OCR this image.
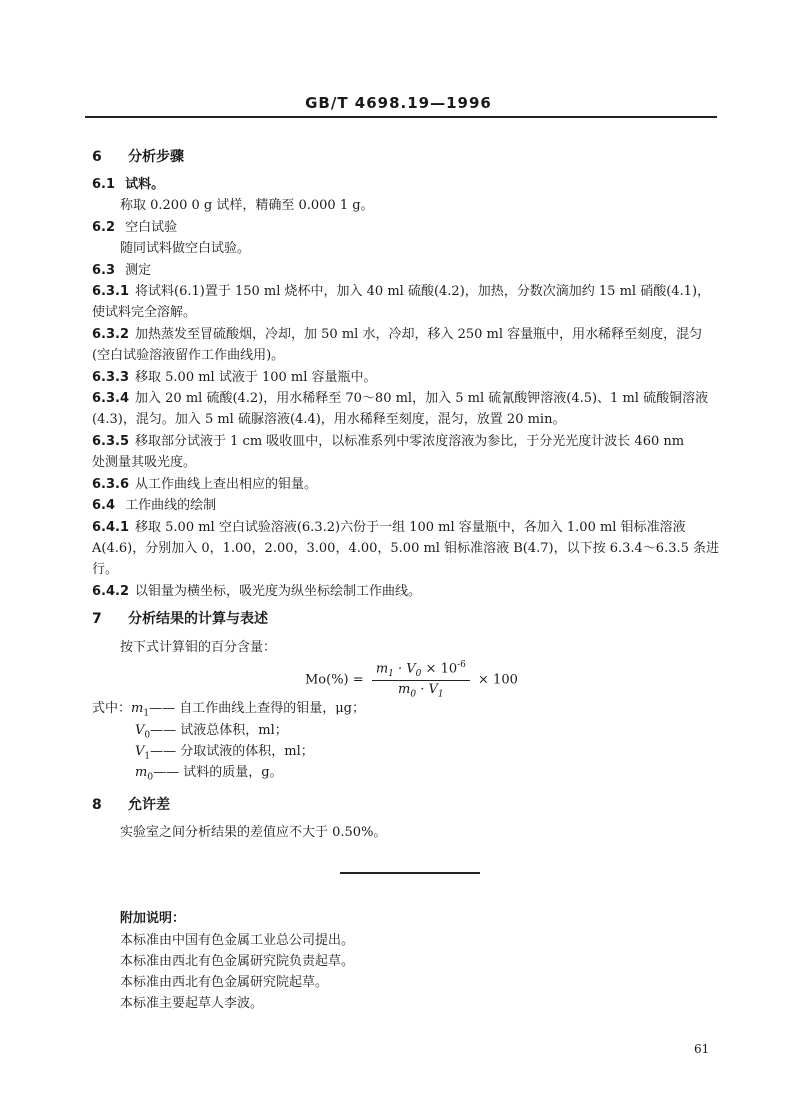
GB/T 4698.19—1996
6 分析步骤
6.1 试料。
称取 0.200 0 g 试样，精确至 0.000 1 g。
6.2 空白试验
随同试料做空白试验。
6.3 测定
6.3.1 将试料(6.1)置于 150 ml 烧杯中，加入 40 ml 硫酸(4.2)，加热，分数次滴加约 15 ml 硝酸(4.1)，
使试料完全溶解。
6.3.2 加热蒸发至冒硫酸烟，冷却，加 50 ml 水，冷却，移入 250 ml 容量瓶中，用水稀释至刻度，混匀
(空白试验溶液留作工作曲线用)。
6.3.3 移取 5.00 ml 试液于 100 ml 容量瓶中。
6.3.4 加入 20 ml 硫酸(4.2)，用水稀释至 70～80 ml，加入 5 ml 硫氰酸钾溶液(4.5)、1 ml 硫酸铜溶液
(4.3)，混匀。加入 5 ml 硫脲溶液(4.4)，用水稀释至刻度，混匀，放置 20 min。
6.3.5 移取部分试液于 1 cm 吸收皿中，以标准系列中零浓度溶液为参比，于分光光度计波长 460 nm
处测量其吸光度。
6.3.6 从工作曲线上查出相应的钼量。
6.4 工作曲线的绘制
6.4.1 移取 5.00 ml 空白试验溶液(6.3.2)六份于一组 100 ml 容量瓶中，各加入 1.00 ml 钼标准溶液
A(4.6)，分别加入 0，1.00，2.00，3.00，4.00，5.00 ml 钼标准溶液 B(4.7)，以下按 6.3.4～6.3.5 条进
行。
6.4.2 以钼量为横坐标，吸光度为纵坐标绘制工作曲线。
7 分析结果的计算与表述
按下式计算钼的百分含量：
$Mo(\%) = \frac{m_1 \cdot V_0 \times 10^{-6}}{m_0 \cdot V_1} \times 100$
式中：$m_1——$ 自工作曲线上查得的钼量，μg；
$V_0——$ 试液总体积，ml；
$V_1——$ 分取试液的体积，ml；
$m_0——$ 试料的质量，g。
8 允许差
实验室之间分析结果的差值应不大于 0.50%。
附加说明：
本标准由中国有色金属工业总公司提出。
本标准由西北有色金属研究院负责起草。
本标准由西北有色金属研究院起草。
本标准主要起草人李波。
61
